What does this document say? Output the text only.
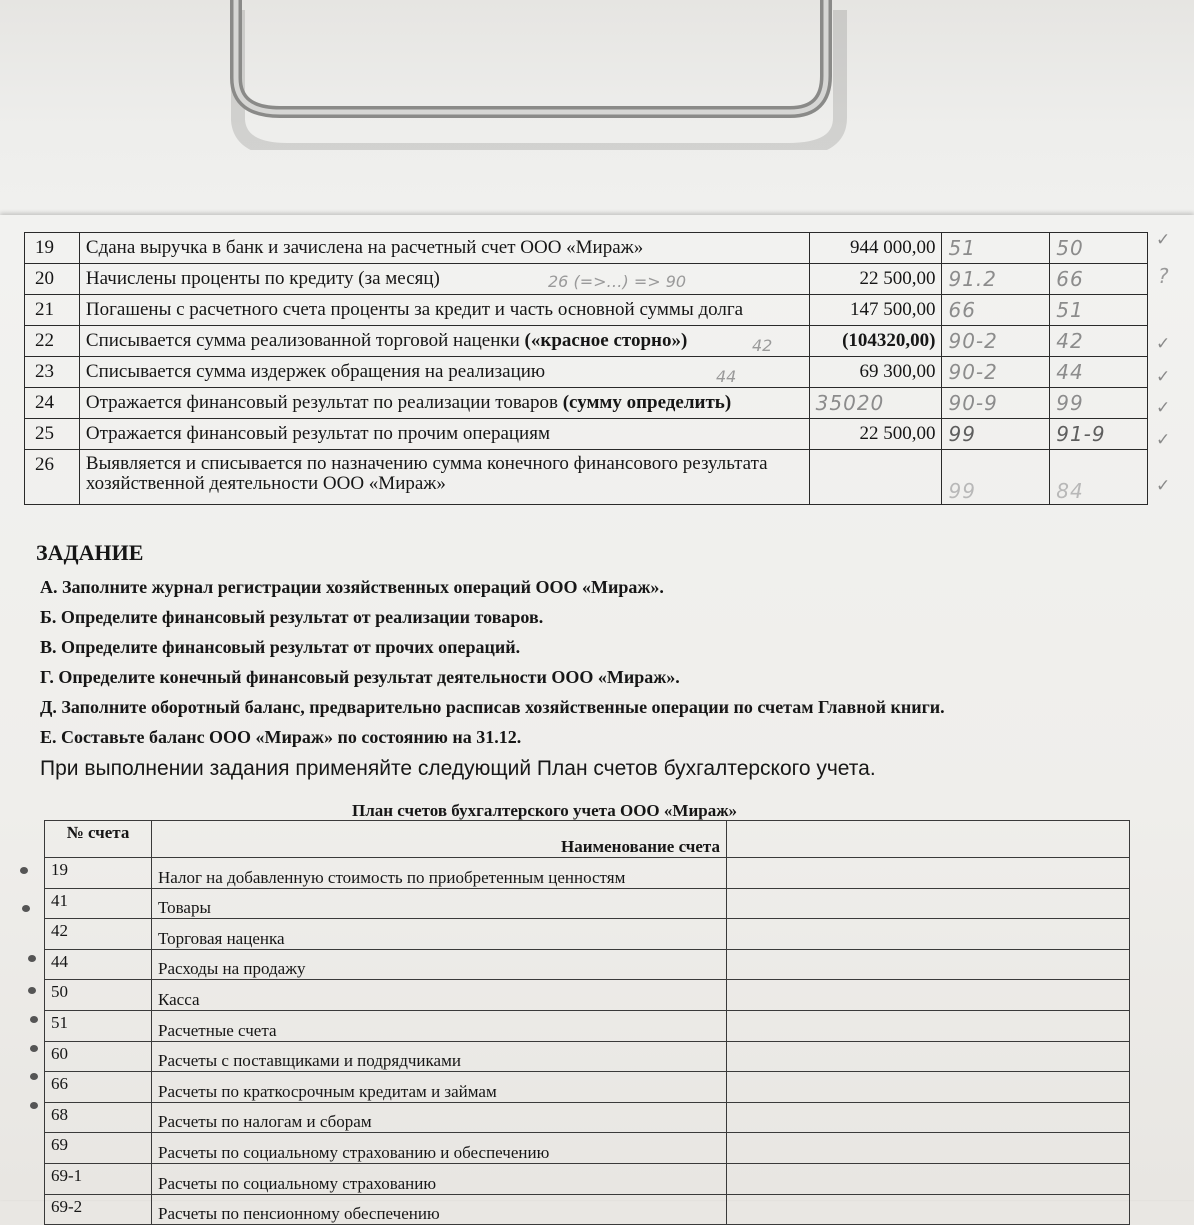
19	Сдана выручка в банк и зачислена на расчетный счет ООО «Мираж»	944 000,00	51	50
20	Начислены проценты по кредиту (за месяц)	22 500,00	91.2	66
21	Погашены с расчетного счета проценты за кредит и часть основной суммы долга	147 500,00	66	51
22	Списывается сумма реализованной торговой наценки («красное сторно»)	(104320,00)	90-2	42
23	Списывается сумма издержек обращения на реализацию	69 300,00	90-2	44
24	Отражается финансовый результат по реализации товаров (сумму определить)	35020	90-9	99
25	Отражается финансовый результат по прочим операциям	22 500,00	99	91-9
26	Выявляется и списывается по назначению сумма конечного финансового результата хозяйственной деятельности ООО «Мираж»		99	84
26 (=>…) => 90
42
44
?
✓
✓
✓
✓
✓
✓
ЗАДАНИЕ
А. Заполните журнал регистрации хозяйственных операций ООО «Мираж».
Б. Определите финансовый результат от реализации товаров.
В. Определите финансовый результат от прочих операций.
Г. Определите конечный финансовый результат деятельности ООО «Мираж».
Д. Заполните оборотный баланс, предварительно расписав хозяйственные операции по счетам Главной книги.
Е. Составьте баланс ООО «Мираж» по состоянию на 31.12.
При выполнении задания применяйте следующий План счетов бухгалтерского учета.
План счетов бухгалтерского учета ООО «Мираж»
№ счета	Наименование счета	
19	Налог на добавленную стоимость по приобретенным ценностям	
41	Товары	
42	Торговая наценка	
44	Расходы на продажу	
50	Касса	
51	Расчетные счета	
60	Расчеты с поставщиками и подрядчиками	
66	Расчеты по краткосрочным кредитам и займам	
68	Расчеты по налогам и сборам	
69	Расчеты по социальному страхованию и обеспечению	
69-1	Расчеты по социальному страхованию	
69-2	Расчеты по пенсионному обеспечению	
